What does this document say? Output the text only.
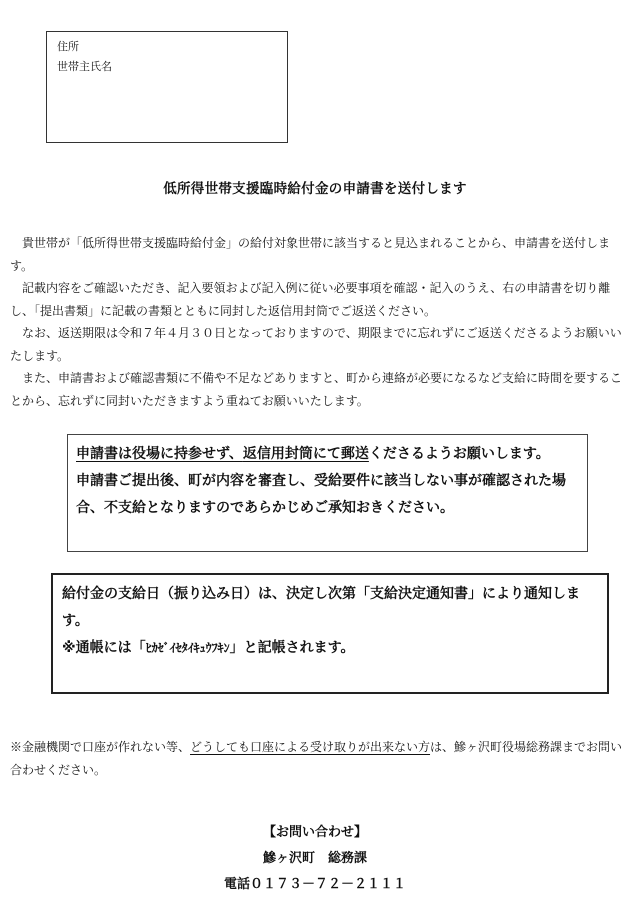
住所
世帯主氏名
低所得世帯支援臨時給付金の申請書を送付します

貴世帯が「低所得世帯支援臨時給付金」の給付対象世帯に該当すると見込まれることから、申請書を送付します。

記載内容をご確認いただき、記入要領および記入例に従い必要事項を確認・記入のうえ、右の申請書を切り離し、「提出書類」に記載の書類とともに同封した返信用封筒でご返送ください。

なお、返送期限は令和７年４月３０日となっておりますので、期限までに忘れずにご返送くださるようお願いいたします。

また、申請書および確認書類に不備や不足などありますと、町から連絡が必要になるなど支給に時間を要することから、忘れずに同封いただきますよう重ねてお願いいたします。

申請書は役場に持参せず、返信用封筒にて郵送くださるようお願いします。

申請書ご提出後、町が内容を審査し、受給要件に該当しない事が確認された場合、不支給となりますのであらかじめご承知おきください。

給付金の支給日（振り込み日）は、決定し次第「支給決定通知書」により通知します。

※通帳には「ﾋｶｾﾞｲｾﾀｲｷｭｳﾌｷﾝ」と記帳されます。

※金融機関で口座が作れない等、どうしても口座による受け取りが出来ない方は、鰺ヶ沢町役場総務課までお問い合わせください。

【お問い合わせ】
鰺ヶ沢町　総務課
電話０１７３－７２－２１１１
